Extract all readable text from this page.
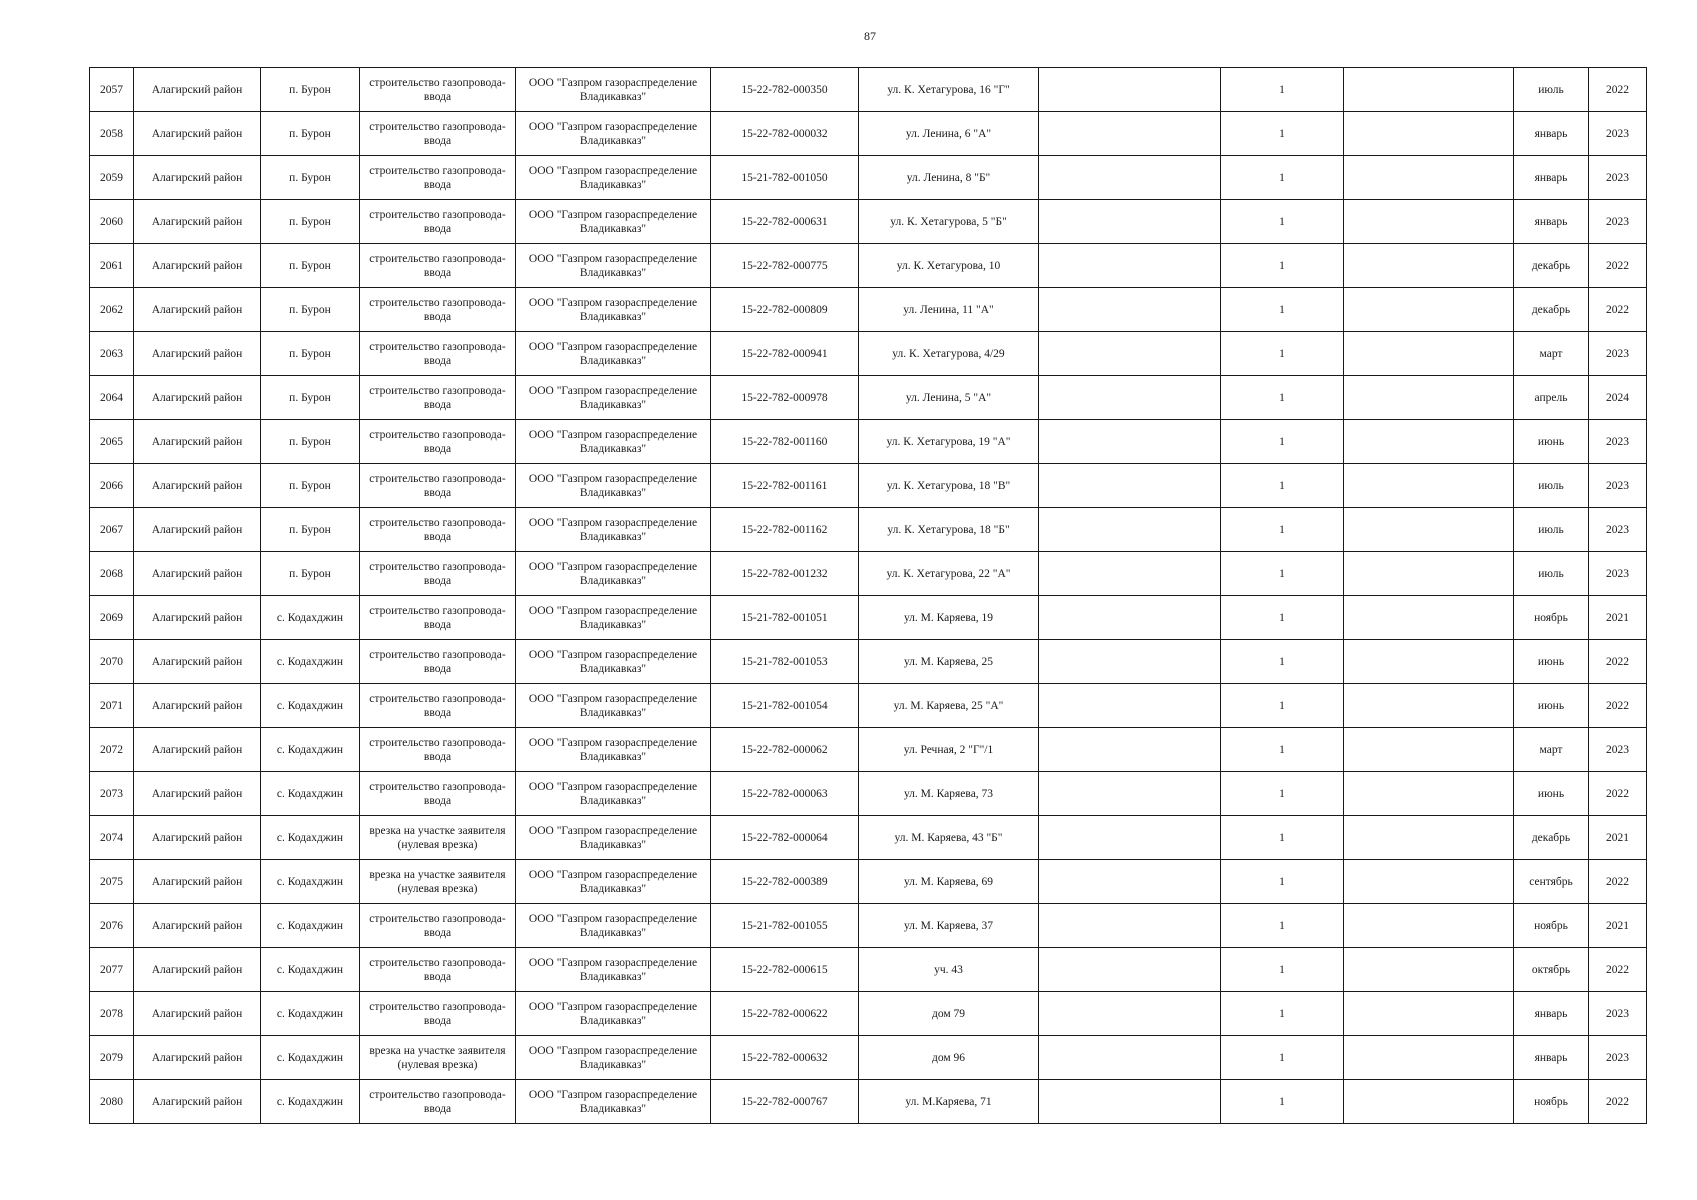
87
2057	Алагирский район	п. Бурон	строительство газопровода-ввода	ООО "Газпром газораспределение Владикавказ"	15-22-782-000350	ул. К. Хетагурова, 16 "Г"		1		июль	2022
2058	Алагирский район	п. Бурон	строительство газопровода-ввода	ООО "Газпром газораспределение Владикавказ"	15-22-782-000032	ул. Ленина, 6 "А"		1		январь	2023
2059	Алагирский район	п. Бурон	строительство газопровода-ввода	ООО "Газпром газораспределение Владикавказ"	15-21-782-001050	ул. Ленина, 8 "Б"		1		январь	2023
2060	Алагирский район	п. Бурон	строительство газопровода-ввода	ООО "Газпром газораспределение Владикавказ"	15-22-782-000631	ул. К. Хетагурова, 5 "Б"		1		январь	2023
2061	Алагирский район	п. Бурон	строительство газопровода-ввода	ООО "Газпром газораспределение Владикавказ"	15-22-782-000775	ул. К. Хетагурова, 10		1		декабрь	2022
2062	Алагирский район	п. Бурон	строительство газопровода-ввода	ООО "Газпром газораспределение Владикавказ"	15-22-782-000809	ул. Ленина, 11 "А"		1		декабрь	2022
2063	Алагирский район	п. Бурон	строительство газопровода-ввода	ООО "Газпром газораспределение Владикавказ"	15-22-782-000941	ул. К. Хетагурова, 4/29		1		март	2023
2064	Алагирский район	п. Бурон	строительство газопровода-ввода	ООО "Газпром газораспределение Владикавказ"	15-22-782-000978	ул. Ленина, 5 "А"		1		апрель	2024
2065	Алагирский район	п. Бурон	строительство газопровода-ввода	ООО "Газпром газораспределение Владикавказ"	15-22-782-001160	ул. К. Хетагурова, 19 "А"		1		июнь	2023
2066	Алагирский район	п. Бурон	строительство газопровода-ввода	ООО "Газпром газораспределение Владикавказ"	15-22-782-001161	ул. К. Хетагурова, 18 "В"		1		июль	2023
2067	Алагирский район	п. Бурон	строительство газопровода-ввода	ООО "Газпром газораспределение Владикавказ"	15-22-782-001162	ул. К. Хетагурова, 18 "Б"		1		июль	2023
2068	Алагирский район	п. Бурон	строительство газопровода-ввода	ООО "Газпром газораспределение Владикавказ"	15-22-782-001232	ул. К. Хетагурова, 22 "А"		1		июль	2023
2069	Алагирский район	с. Кодахджин	строительство газопровода-ввода	ООО "Газпром газораспределение Владикавказ"	15-21-782-001051	ул. М. Каряева, 19		1		ноябрь	2021
2070	Алагирский район	с. Кодахджин	строительство газопровода-ввода	ООО "Газпром газораспределение Владикавказ"	15-21-782-001053	ул. М. Каряева, 25		1		июнь	2022
2071	Алагирский район	с. Кодахджин	строительство газопровода-ввода	ООО "Газпром газораспределение Владикавказ"	15-21-782-001054	ул. М. Каряева, 25 "А"		1		июнь	2022
2072	Алагирский район	с. Кодахджин	строительство газопровода-ввода	ООО "Газпром газораспределение Владикавказ"	15-22-782-000062	ул. Речная, 2 "Г"/1		1		март	2023
2073	Алагирский район	с. Кодахджин	строительство газопровода-ввода	ООО "Газпром газораспределение Владикавказ"	15-22-782-000063	ул. М. Каряева, 73		1		июнь	2022
2074	Алагирский район	с. Кодахджин	врезка на участке заявителя (нулевая врезка)	ООО "Газпром газораспределение Владикавказ"	15-22-782-000064	ул. М. Каряева, 43 "Б"		1		декабрь	2021
2075	Алагирский район	с. Кодахджин	врезка на участке заявителя (нулевая врезка)	ООО "Газпром газораспределение Владикавказ"	15-22-782-000389	ул. М. Каряева, 69		1		сентябрь	2022
2076	Алагирский район	с. Кодахджин	строительство газопровода-ввода	ООО "Газпром газораспределение Владикавказ"	15-21-782-001055	ул. М. Каряева, 37		1		ноябрь	2021
2077	Алагирский район	с. Кодахджин	строительство газопровода-ввода	ООО "Газпром газораспределение Владикавказ"	15-22-782-000615	уч. 43		1		октябрь	2022
2078	Алагирский район	с. Кодахджин	строительство газопровода-ввода	ООО "Газпром газораспределение Владикавказ"	15-22-782-000622	дом 79		1		январь	2023
2079	Алагирский район	с. Кодахджин	врезка на участке заявителя (нулевая врезка)	ООО "Газпром газораспределение Владикавказ"	15-22-782-000632	дом 96		1		январь	2023
2080	Алагирский район	с. Кодахджин	строительство газопровода-ввода	ООО "Газпром газораспределение Владикавказ"	15-22-782-000767	ул. М.Каряева, 71		1		ноябрь	2022
